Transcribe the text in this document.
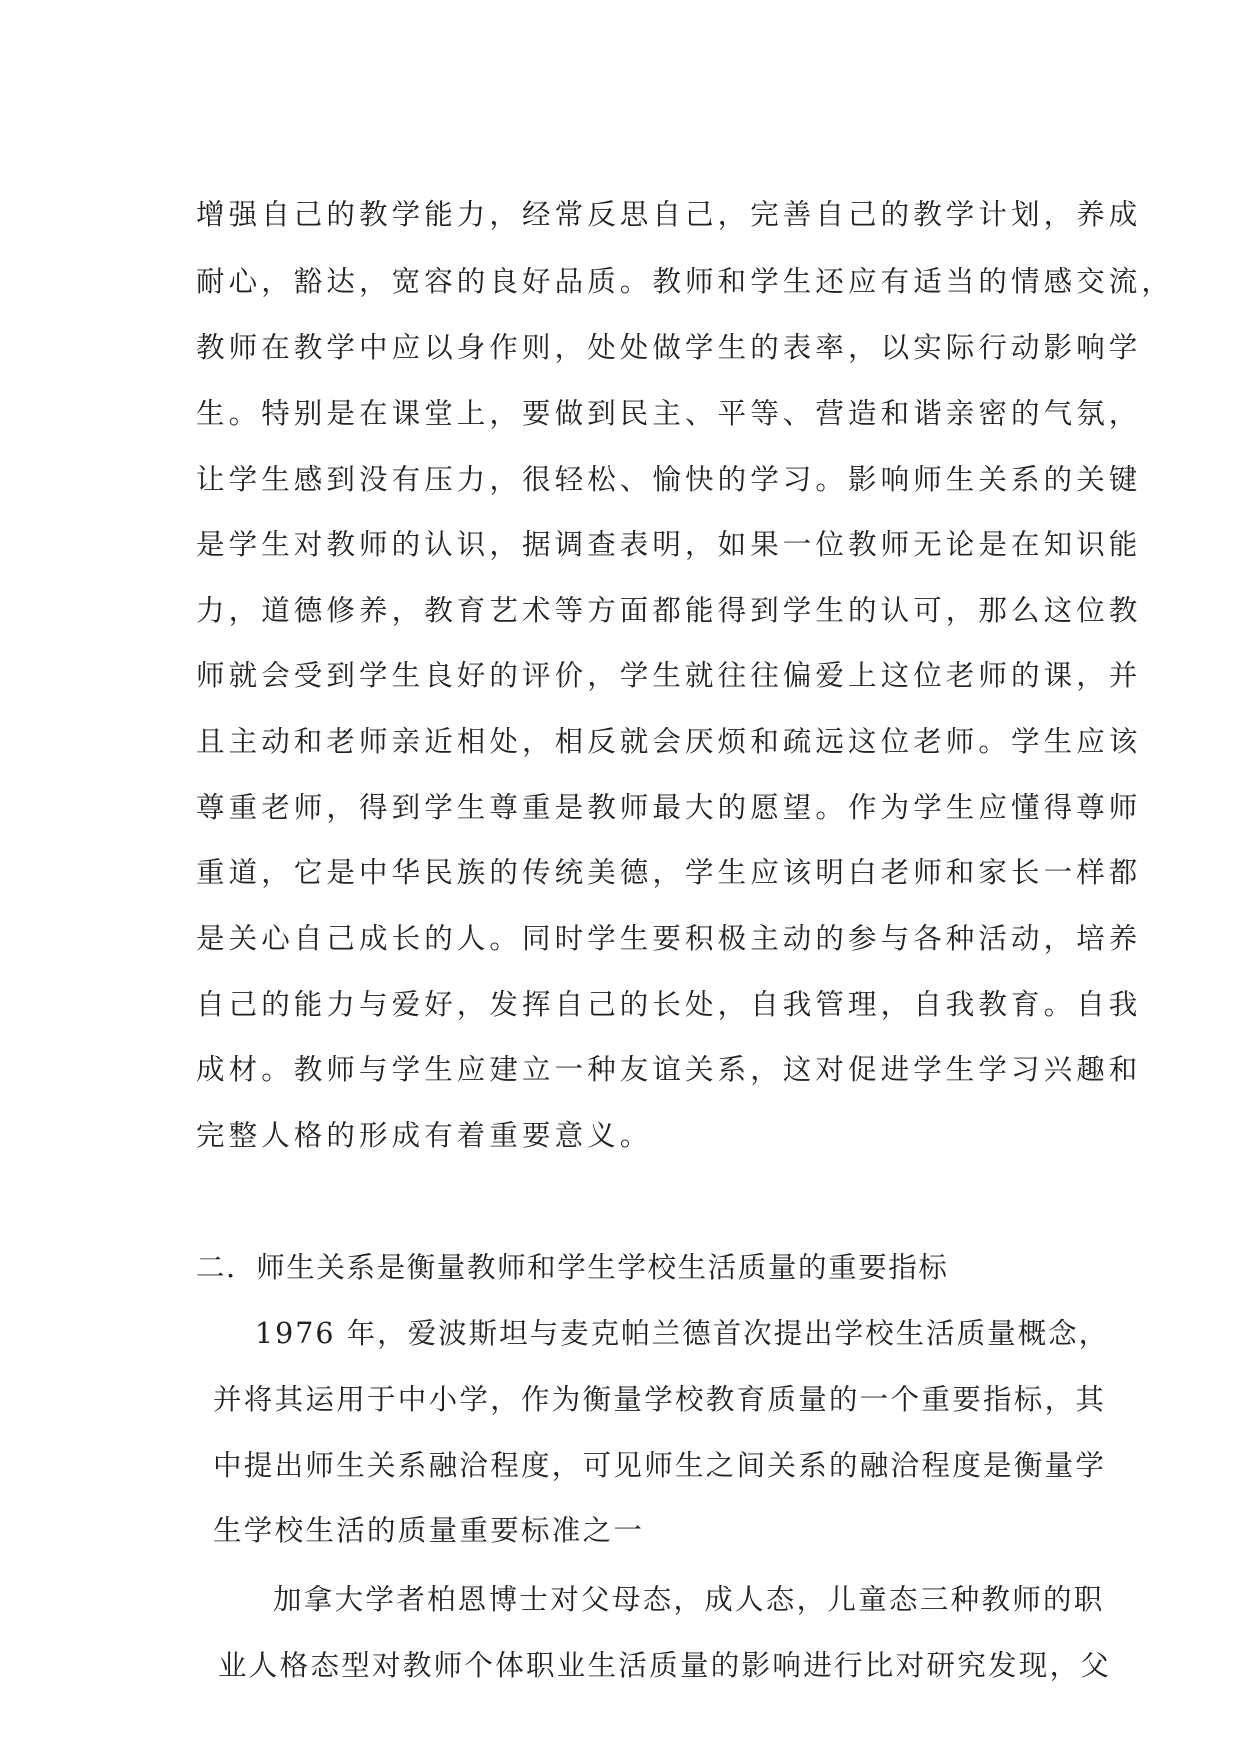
增强自己的教学能力，经常反思自己，完善自己的教学计划，养成
耐心，豁达，宽容的良好品质。教师和学生还应有适当的情感交流，
教师在教学中应以身作则，处处做学生的表率，以实际行动影响学
生。特别是在课堂上，要做到民主、平等、营造和谐亲密的气氛，
让学生感到没有压力，很轻松、愉快的学习。影响师生关系的关键
是学生对教师的认识，据调查表明，如果一位教师无论是在知识能
力，道德修养，教育艺术等方面都能得到学生的认可，那么这位教
师就会受到学生良好的评价，学生就往往偏爱上这位老师的课，并
且主动和老师亲近相处，相反就会厌烦和疏远这位老师。学生应该
尊重老师，得到学生尊重是教师最大的愿望。作为学生应懂得尊师
重道，它是中华民族的传统美德，学生应该明白老师和家长一样都
是关心自己成长的人。同时学生要积极主动的参与各种活动，培养
自己的能力与爱好，发挥自己的长处，自我管理，自我教育。自我
成材。教师与学生应建立一种友谊关系，这对促进学生学习兴趣和
完整人格的形成有着重要意义。
二．师生关系是衡量教师和学生学校生活质量的重要指标
1976 年，爱波斯坦与麦克帕兰德首次提出学校生活质量概念，
并将其运用于中小学，作为衡量学校教育质量的一个重要指标，其
中提出师生关系融洽程度，可见师生之间关系的融洽程度是衡量学
生学校生活的质量重要标准之一
加拿大学者柏恩博士对父母态，成人态，儿童态三种教师的职
业人格态型对教师个体职业生活质量的影响进行比对研究发现，父
